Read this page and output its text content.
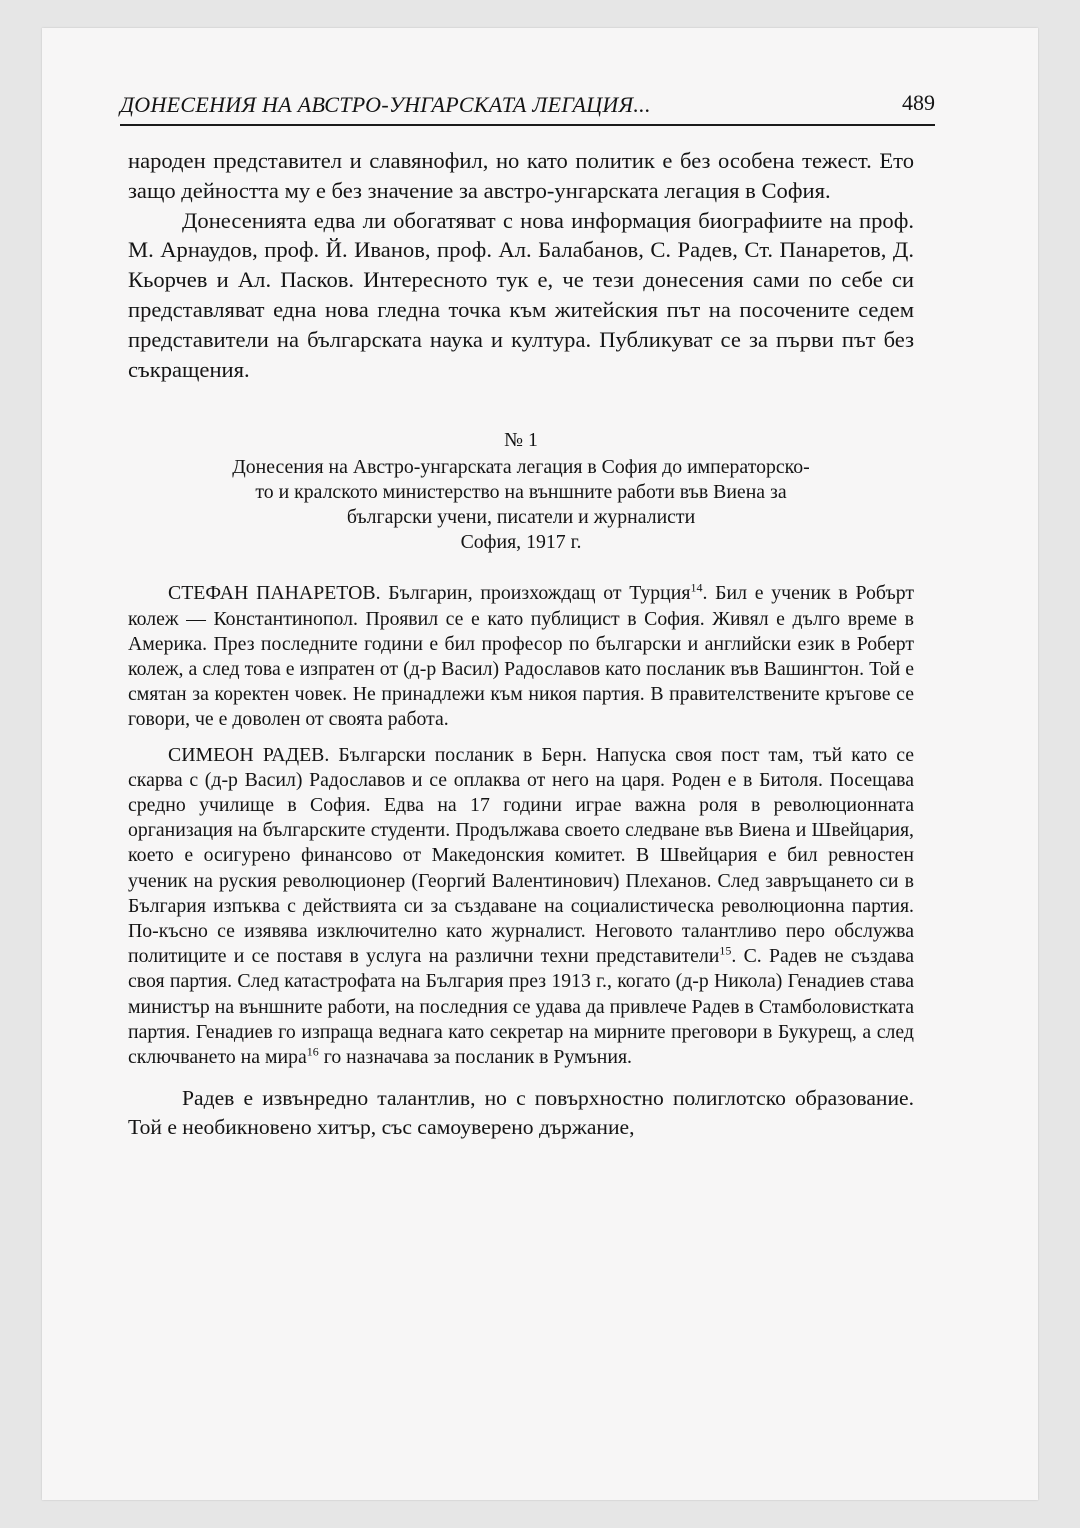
ДОНЕСЕНИЯ НА АВСТРО-УНГАРСКАТА ЛЕГАЦИЯ...	489

народен представител и славянофил, но като политик е без особена тежест. Ето защо дейността му е без значение за австро-унгарската легация в София.

Донесенията едва ли обогатяват с нова информация биографиите на проф. М. Арнаудов, проф. Й. Иванов, проф. Ал. Балабанов, С. Радев, Ст. Панаретов, Д. Кьорчев и Ал. Пасков. Интересното тук е, че тези донесения сами по себе си представляват една нова гледна точка към житейския път на посочените седем представители на българската наука и култура. Публикуват се за първи път без съкращения.

№ 1
Донесения на Австро-унгарската легация в София до императорско-
то и кралското министерство на външните работи във Виена за
български учени, писатели и журналисти
София, 1917 г.

СТЕФАН ПАНАРЕТОВ. Българин, произхождащ от Турция$^{14}$. Бил е ученик в Робърт колеж — Константинопол. Проявил се е като публицист в София. Живял е дълго време в Америка. През последните години е бил професор по български и английски език в Роберт колеж, а след това е изпратен от (д-р Васил) Радославов като посланик във Вашингтон. Той е смятан за коректен човек. Не принадлежи към никоя партия. В правителствените кръгове се говори, че е доволен от своята работа.

СИМЕОН РАДЕВ. Български посланик в Берн. Напуска своя пост там, тъй като се скарва с (д-р Васил) Радославов и се оплаква от него на царя. Роден е в Битоля. Посещава средно училище в София. Едва на 17 години играе важна роля в революционната организация на българските студенти. Продължава своето следване във Виена и Швейцария, което е осигурено финансово от Македонския комитет. В Швейцария е бил ревностен ученик на руския революционер (Георгий Валентинович) Плеханов. След завръщането си в България изпъква с действията си за създаване на социалистическа революционна партия. По-късно се изявява изключително като журналист. Неговото талантливо перо обслужва политиците и се поставя в услуга на различни техни представители$^{15}$. С. Радев не създава своя партия. След катастрофата на България през 1913 г., когато (д-р Никола) Генадиев става министър на външните работи, на последния се удава да привлече Радев в Стамболовистката партия. Генадиев го изпраща веднага като секретар на мирните преговори в Букурещ, а след сключването на мира$^{16}$ го назначава за посланик в Румъния.

Радев е извънредно талантлив, но с повърхностно полиглотско образование. Той е необикновено хитър, със самоуверено държание,
